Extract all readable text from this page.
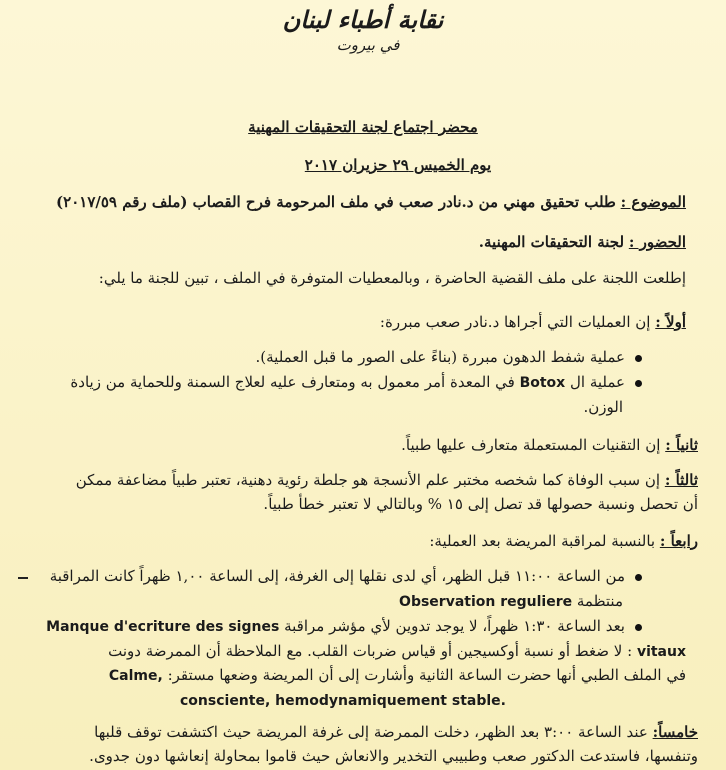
نقابة أطباء لبنان
في بيروت
محضر اجتماع لجنة التحقيقات المهنية
يوم الخميس ٢٩ حزيران ٢٠١٧
الموضوع : طلب تحقيق مهني من د.نادر صعب في ملف المرحومة فرح القصاب (ملف رقم ٢٠١٧/٥٩)
الحضور : لجنة التحقيقات المهنية.
إطلعت اللجنة على ملف القضية الحاضرة ، وبالمعطيات المتوفرة في الملف ، تبين للجنة ما يلي:
أولاً : إن العمليات التي أجراها د.نادر صعب مبررة:
عملية شفط الدهون مبررة (بناءً على الصور ما قبل العملية).
عملية ال Botox في المعدة أمر معمول به ومتعارف عليه لعلاج السمنة وللحماية من زيادة
الوزن.
ثانياً : إن التقنيات المستعملة متعارف عليها طبياً.
ثالثاً : إن سبب الوفاة كما شخصه مختبر علم الأنسجة هو جلطة رئوية دهنية، تعتبر طبياً مضاعفة ممكن
أن تحصل ونسبة حصولها قد تصل إلى ١٥ % وبالتالي لا تعتبر خطأ طبياً.
رابعاً : بالنسبة لمراقبة المريضة بعد العملية:
من الساعة ١١:٠٠ قبل الظهر، أي لدى نقلها إلى الغرفة، إلى الساعة ١,٠٠ ظهراً كانت المراقبة
منتظمة Observation reguliere
بعد الساعة ١:٣٠ ظهراً، لا يوجد تدوين لأي مؤشر مراقبة Manque d'ecriture des signes
vitaux : لا ضغط أو نسبة أوكسيجين أو قياس ضربات القلب. مع الملاحظة أن الممرضة دونت
في الملف الطبي أنها حضرت الساعة الثانية وأشارت إلى أن المريضة وضعها مستقر: Calme,
consciente, hemodynamiquement stable.
خامساً: عند الساعة ٣:٠٠ بعد الظهر، دخلت الممرضة إلى غرفة المريضة حيث اكتشفت توقف قلبها
وتنفسها، فاستدعت الدكتور صعب وطبيبي التخدير والانعاش حيث قاموا بمحاولة إنعاشها دون جدوى.
